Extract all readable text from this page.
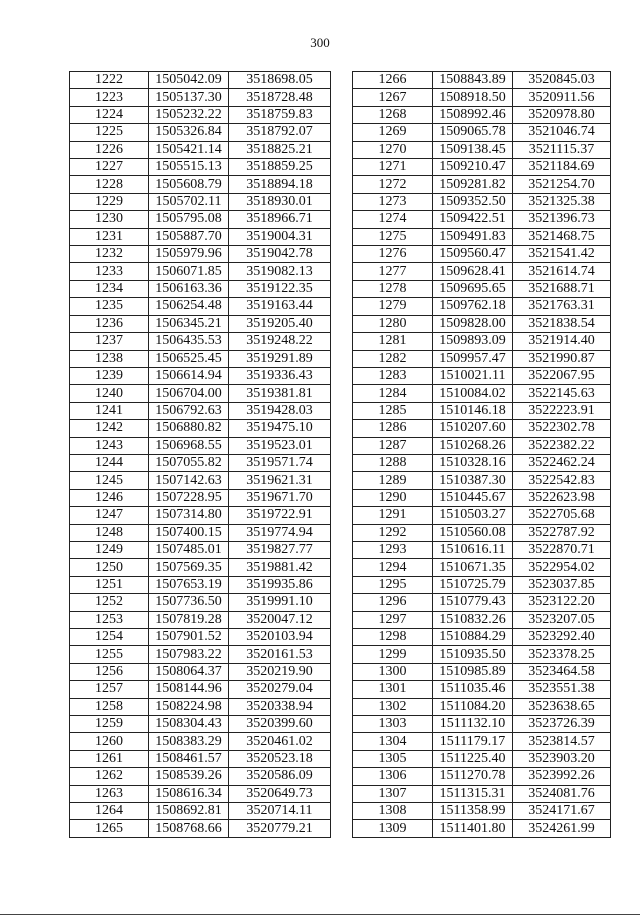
300
1222	1505042.09	3518698.05
1223	1505137.30	3518728.48
1224	1505232.22	3518759.83
1225	1505326.84	3518792.07
1226	1505421.14	3518825.21
1227	1505515.13	3518859.25
1228	1505608.79	3518894.18
1229	1505702.11	3518930.01
1230	1505795.08	3518966.71
1231	1505887.70	3519004.31
1232	1505979.96	3519042.78
1233	1506071.85	3519082.13
1234	1506163.36	3519122.35
1235	1506254.48	3519163.44
1236	1506345.21	3519205.40
1237	1506435.53	3519248.22
1238	1506525.45	3519291.89
1239	1506614.94	3519336.43
1240	1506704.00	3519381.81
1241	1506792.63	3519428.03
1242	1506880.82	3519475.10
1243	1506968.55	3519523.01
1244	1507055.82	3519571.74
1245	1507142.63	3519621.31
1246	1507228.95	3519671.70
1247	1507314.80	3519722.91
1248	1507400.15	3519774.94
1249	1507485.01	3519827.77
1250	1507569.35	3519881.42
1251	1507653.19	3519935.86
1252	1507736.50	3519991.10
1253	1507819.28	3520047.12
1254	1507901.52	3520103.94
1255	1507983.22	3520161.53
1256	1508064.37	3520219.90
1257	1508144.96	3520279.04
1258	1508224.98	3520338.94
1259	1508304.43	3520399.60
1260	1508383.29	3520461.02
1261	1508461.57	3520523.18
1262	1508539.26	3520586.09
1263	1508616.34	3520649.73
1264	1508692.81	3520714.11
1265	1508768.66	3520779.21
1266	1508843.89	3520845.03
1267	1508918.50	3520911.56
1268	1508992.46	3520978.80
1269	1509065.78	3521046.74
1270	1509138.45	3521115.37
1271	1509210.47	3521184.69
1272	1509281.82	3521254.70
1273	1509352.50	3521325.38
1274	1509422.51	3521396.73
1275	1509491.83	3521468.75
1276	1509560.47	3521541.42
1277	1509628.41	3521614.74
1278	1509695.65	3521688.71
1279	1509762.18	3521763.31
1280	1509828.00	3521838.54
1281	1509893.09	3521914.40
1282	1509957.47	3521990.87
1283	1510021.11	3522067.95
1284	1510084.02	3522145.63
1285	1510146.18	3522223.91
1286	1510207.60	3522302.78
1287	1510268.26	3522382.22
1288	1510328.16	3522462.24
1289	1510387.30	3522542.83
1290	1510445.67	3522623.98
1291	1510503.27	3522705.68
1292	1510560.08	3522787.92
1293	1510616.11	3522870.71
1294	1510671.35	3522954.02
1295	1510725.79	3523037.85
1296	1510779.43	3523122.20
1297	1510832.26	3523207.05
1298	1510884.29	3523292.40
1299	1510935.50	3523378.25
1300	1510985.89	3523464.58
1301	1511035.46	3523551.38
1302	1511084.20	3523638.65
1303	1511132.10	3523726.39
1304	1511179.17	3523814.57
1305	1511225.40	3523903.20
1306	1511270.78	3523992.26
1307	1511315.31	3524081.76
1308	1511358.99	3524171.67
1309	1511401.80	3524261.99
